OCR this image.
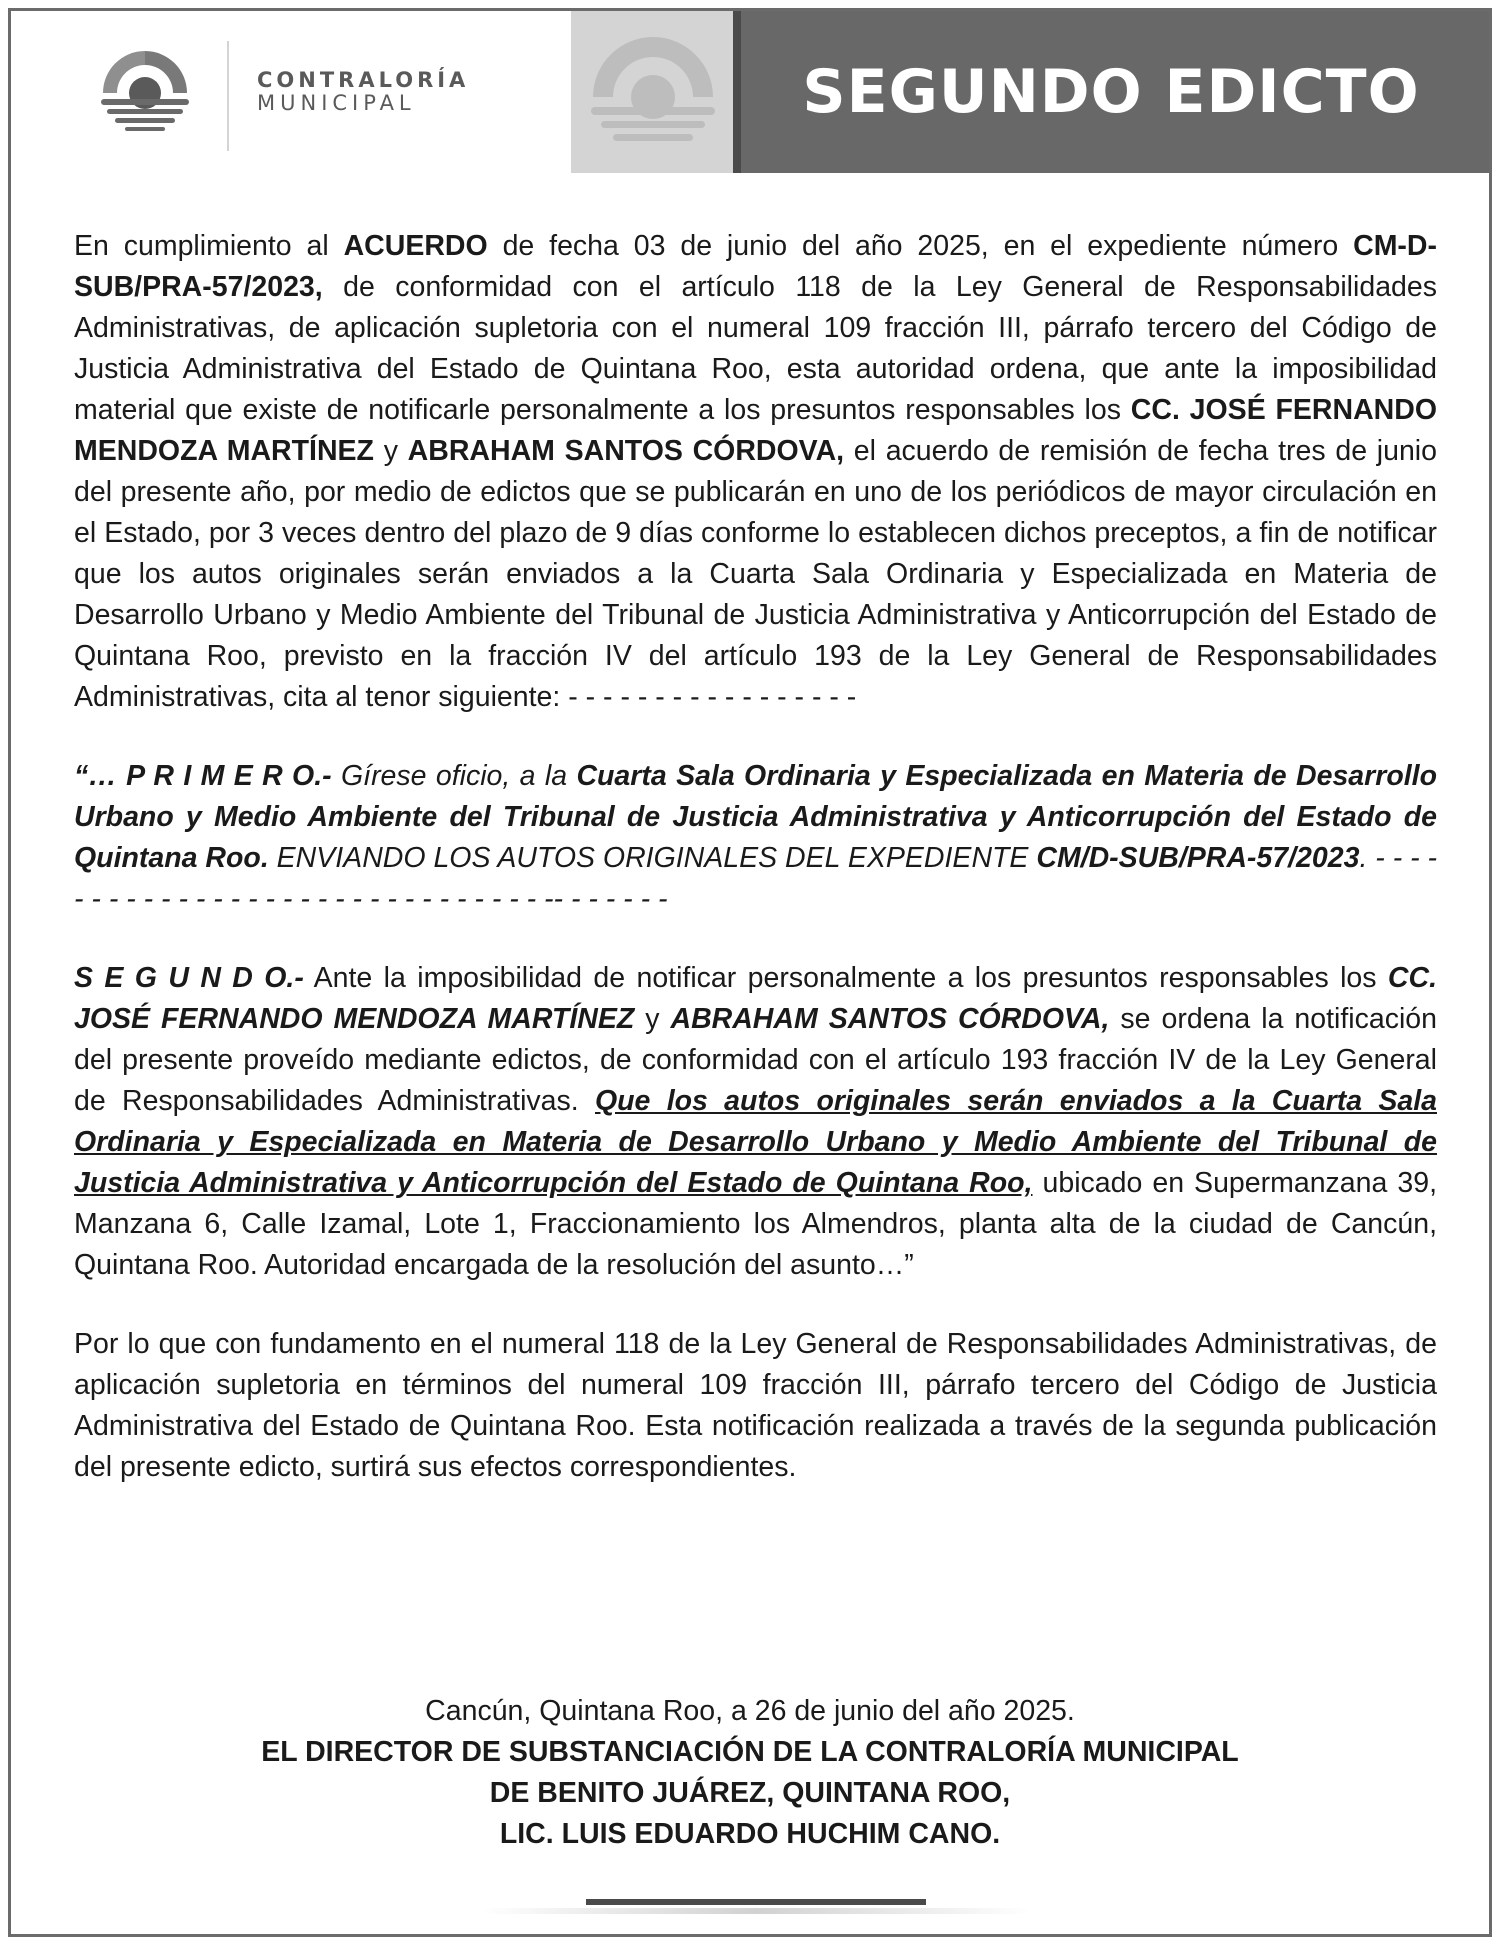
CONTRALORÍA
MUNICIPAL	SEGUNDO EDICTO

En cumplimiento al ACUERDO de fecha 03 de junio del año 2025, en el expediente número CM-D-SUB/PRA-57/2023, de conformidad con el artículo 118 de la Ley General de Responsabilidades Administrativas, de aplicación supletoria con el numeral 109 fracción III, párrafo tercero del Código de Justicia Administrativa del Estado de Quintana Roo, esta autoridad ordena, que ante la imposibilidad material que existe de notificarle personalmente a los presuntos responsables los CC. JOSÉ FERNANDO MENDOZA MARTÍNEZ y ABRAHAM SANTOS CÓRDOVA, el acuerdo de remisión de fecha tres de junio del presente año, por medio de edictos que se publicarán en uno de los periódicos de mayor circulación en el Estado, por 3 veces dentro del plazo de 9 días conforme lo establecen dichos preceptos, a fin de notificar que los autos originales serán enviados a la Cuarta Sala Ordinaria y Especializada en Materia de Desarrollo Urbano y Medio Ambiente del Tribunal de Justicia Administrativa y Anticorrupción del Estado de Quintana Roo, previsto en la fracción IV del artículo 193 de la Ley General de Responsabilidades Administrativas, cita al tenor siguiente: - - - - - - - - - - - - - - - - -

“… P R I M E R O.- Gírese oficio, a la Cuarta Sala Ordinaria y Especializada en Materia de Desarrollo Urbano y Medio Ambiente del Tribunal de Justicia Administrativa y Anticorrupción del Estado de Quintana Roo. ENVIANDO LOS AUTOS ORIGINALES DEL EXPEDIENTE CM/D-SUB/PRA-57/2023. - - - - - - - - - - - - - - - - - - - - - - - - - - - - - - - -- - - - - - -

S E G U N D O.- Ante la imposibilidad de notificar personalmente a los presuntos responsables los CC. JOSÉ FERNANDO MENDOZA MARTÍNEZ y ABRAHAM SANTOS CÓRDOVA, se ordena la notificación del presente proveído mediante edictos, de conformidad con el artículo 193 fracción IV de la Ley General de Responsabilidades Administrativas. Que los autos originales serán enviados a la Cuarta Sala Ordinaria y Especializada en Materia de Desarrollo Urbano y Medio Ambiente del Tribunal de Justicia Administrativa y Anticorrupción del Estado de Quintana Roo, ubicado en Supermanzana 39, Manzana 6, Calle Izamal, Lote 1, Fraccionamiento los Almendros, planta alta de la ciudad de Cancún, Quintana Roo. Autoridad encargada de la resolución del asunto…”

Por lo que con fundamento en el numeral 118 de la Ley General de Responsabilidades Administrativas, de aplicación supletoria en términos del numeral 109 fracción III, párrafo tercero del Código de Justicia Administrativa del Estado de Quintana Roo. Esta notificación realizada a través de la segunda publicación del presente edicto, surtirá sus efectos correspondientes.

Cancún, Quintana Roo, a 26 de junio del año 2025.
EL DIRECTOR DE SUBSTANCIACIÓN DE LA CONTRALORÍA MUNICIPAL
DE BENITO JUÁREZ, QUINTANA ROO,
LIC. LUIS EDUARDO HUCHIM CANO.
